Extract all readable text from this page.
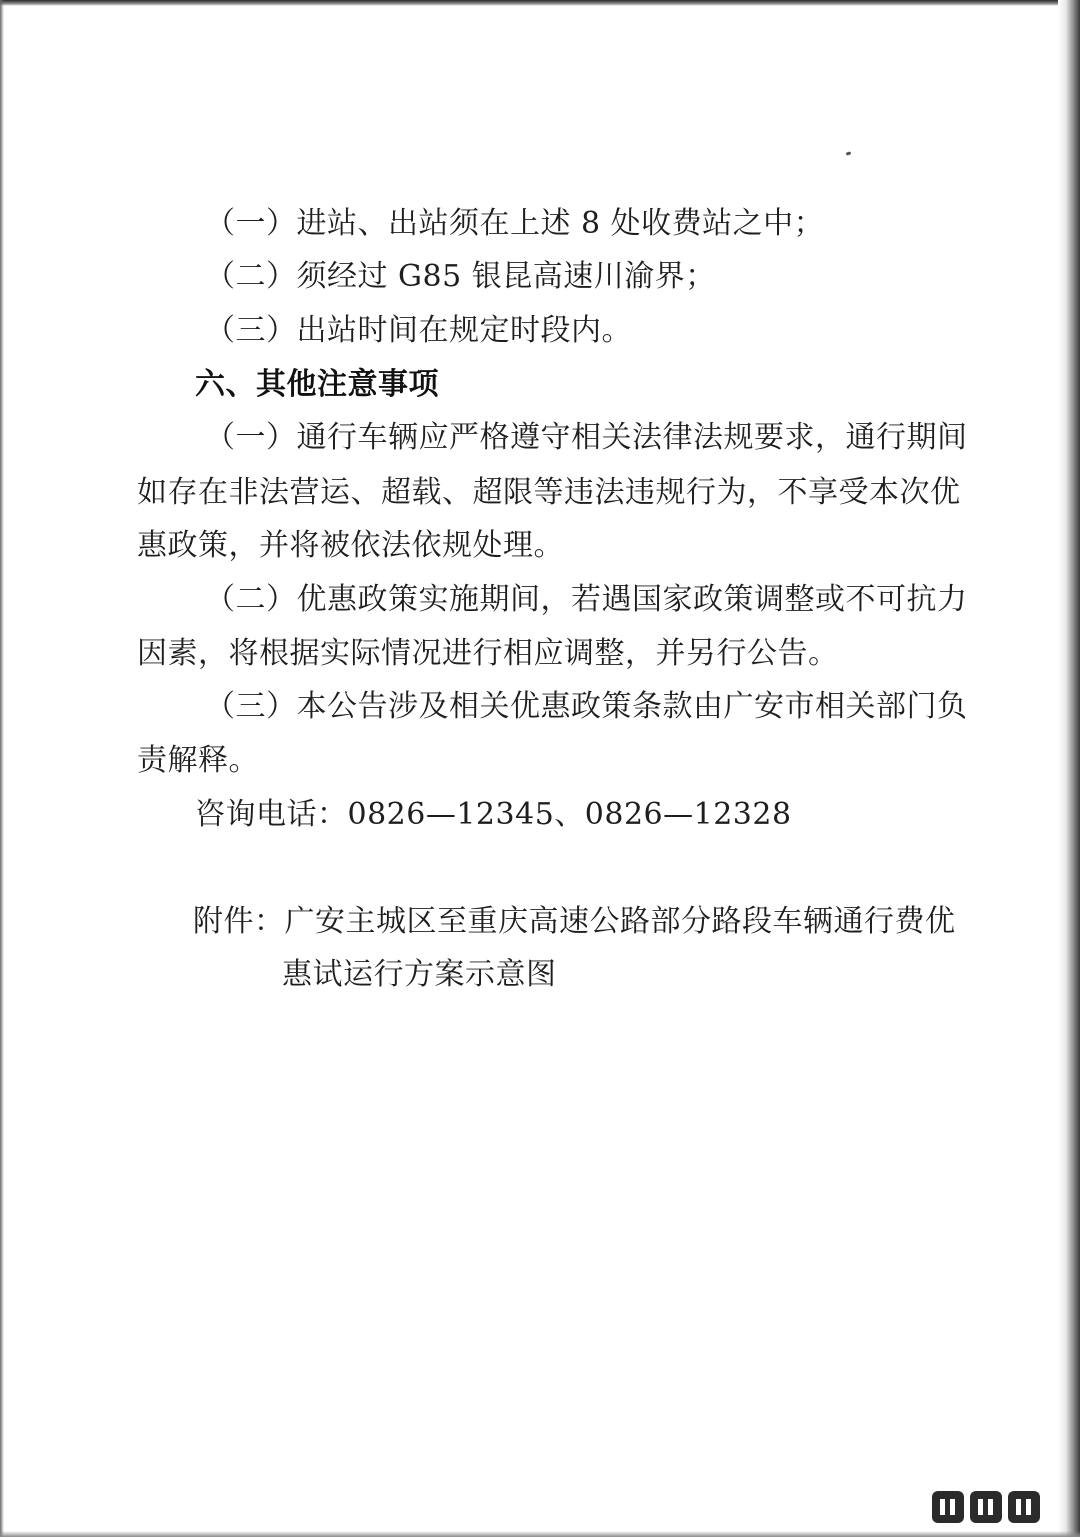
（一）进站、出站须在上述 8 处收费站之中；
（二）须经过 G85 银昆高速川渝界；
（三）出站时间在规定时段内。
六、其他注意事项
（一）通行车辆应严格遵守相关法律法规要求，通行期间
如存在非法营运、超载、超限等违法违规行为，不享受本次优
惠政策，并将被依法依规处理。
（二）优惠政策实施期间，若遇国家政策调整或不可抗力
因素，将根据实际情况进行相应调整，并另行公告。
（三）本公告涉及相关优惠政策条款由广安市相关部门负
责解释。
咨询电话：0826—12345、0826—12328
附件：广安主城区至重庆高速公路部分路段车辆通行费优
惠试运行方案示意图
